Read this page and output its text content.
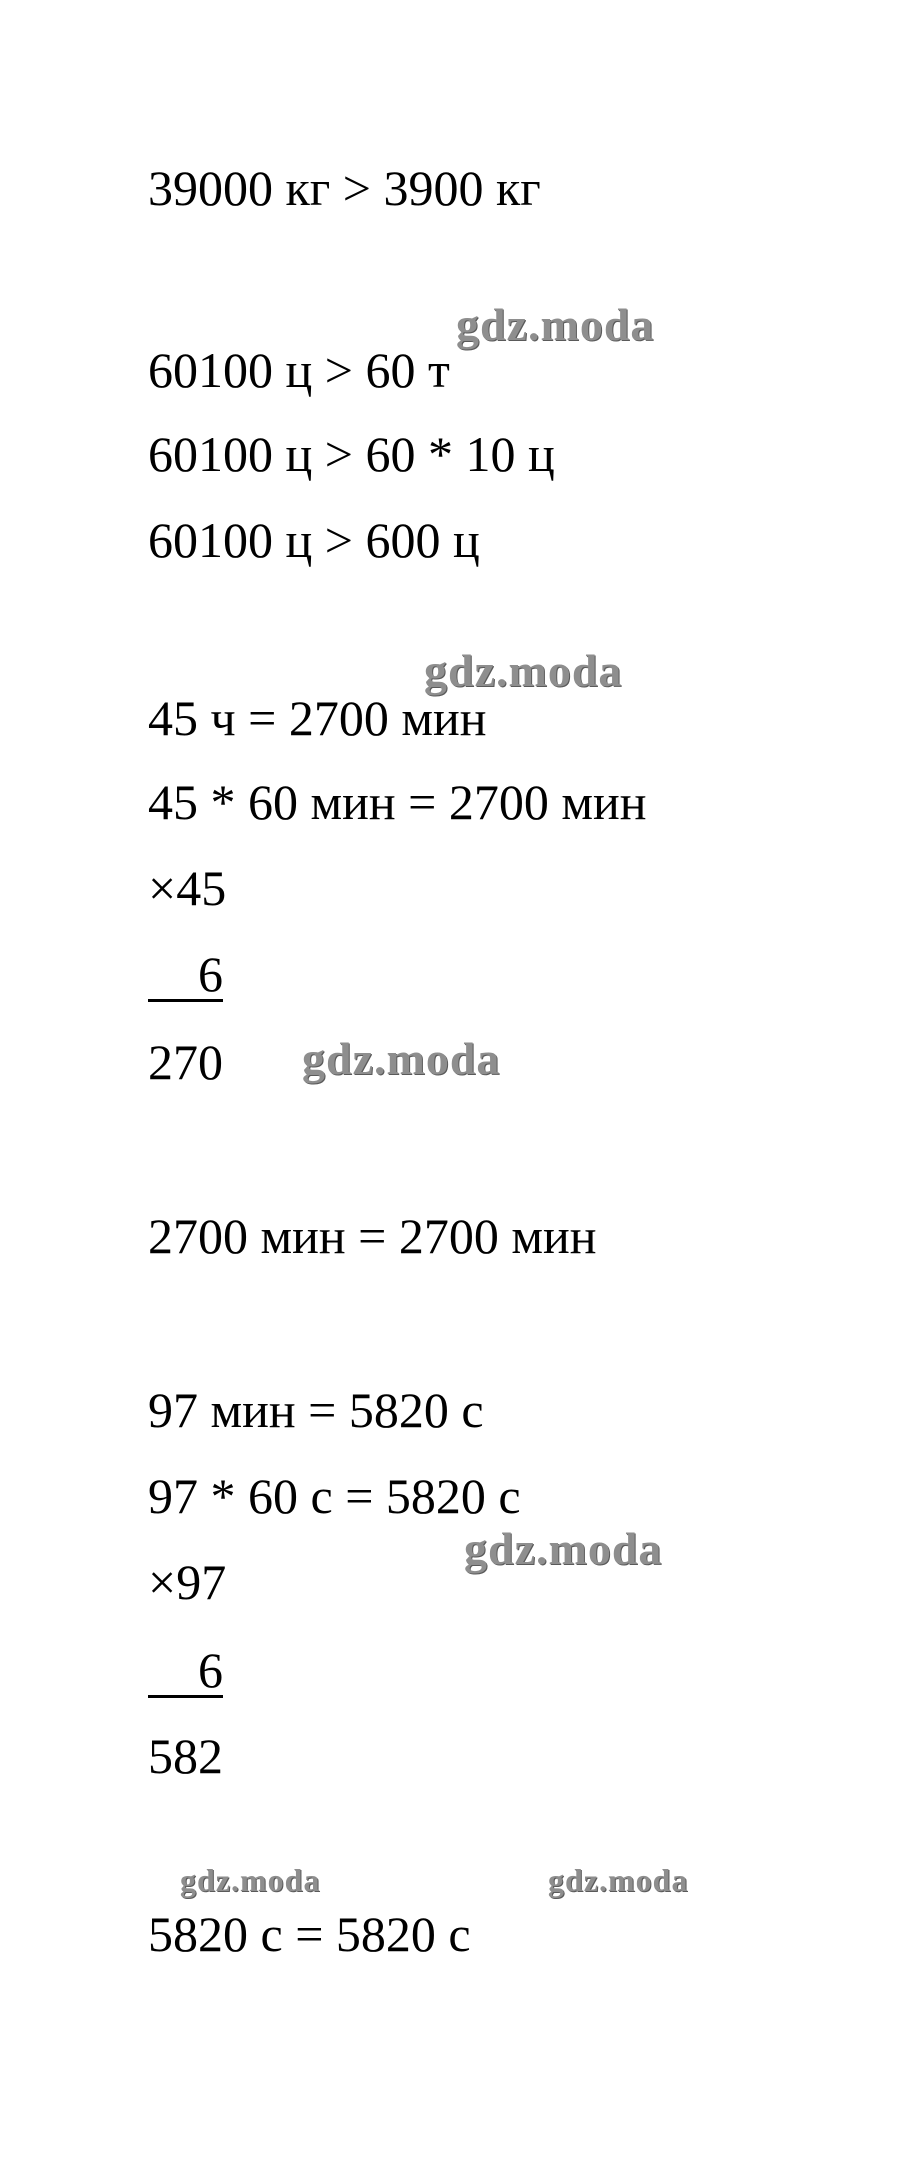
39000 кг > 3900 кг
60100 ц > 60 т
60100 ц > 60 * 10 ц
60100 ц > 600 ц
45 ч = 2700 мин
45 * 60 мин = 2700 мин
×45
6
270
2700 мин = 2700 мин
97 мин = 5820 с
97 * 60 с = 5820 с
×97
6
582
5820 с = 5820 с
gdz.moda
gdz.moda
gdz.moda
gdz.moda
gdz.moda	gdz.moda
